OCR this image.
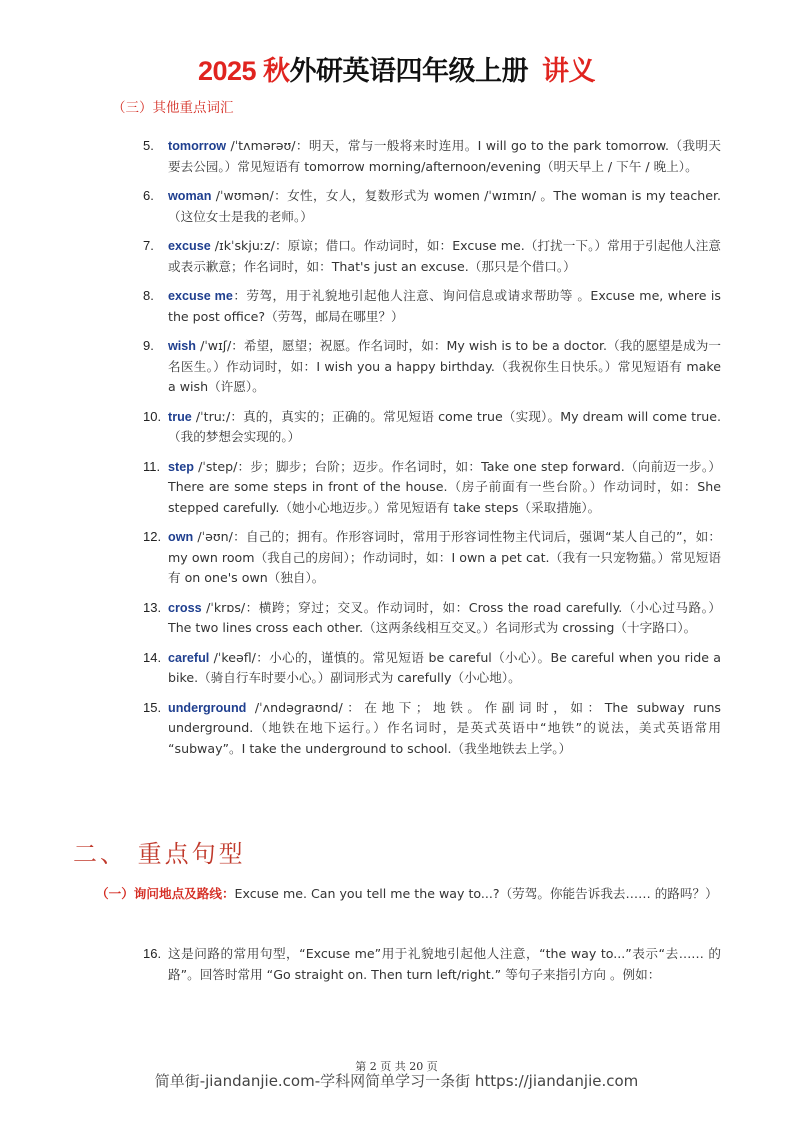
2025 秋外研英语四年级上册 讲义
（三）其他重点词汇
5.	tomorrow /ˈtʌmərəʊ/：明天，常与一般将来时连用。I will go to the park tomorrow.（我明天要去公园。）常见短语有 tomorrow morning/afternoon/evening（明天早上 / 下午 / 晚上）。
6.	woman /ˈwʊmən/：女性，女人，复数形式为 women /ˈwɪmɪn/ 。The woman is my teacher.（这位女士是我的老师。）
7.	excuse /ɪkˈskjuːz/：原谅；借口。作动词时，如：Excuse me.（打扰一下。）常用于引起他人注意或表示歉意；作名词时，如：That's just an excuse.（那只是个借口。）
8.	excuse me：劳驾，用于礼貌地引起他人注意、询问信息或请求帮助等 。Excuse me, where is the post office?（劳驾，邮局在哪里？）
9.	wish /ˈwɪʃ/：希望，愿望；祝愿。作名词时，如：My wish is to be a doctor.（我的愿望是成为一名医生。）作动词时，如：I wish you a happy birthday.（我祝你生日快乐。）常见短语有 make a wish（许愿）。
10. true /ˈtruː/：真的，真实的；正确的。常见短语 come true（实现）。My dream will come true.（我的梦想会实现的。）
11. step /ˈstep/：步；脚步；台阶；迈步。作名词时，如：Take one step forward.（向前迈一步。）There are some steps in front of the house.（房子前面有一些台阶。）作动词时，如：She stepped carefully.（她小心地迈步。）常见短语有 take steps（采取措施）。
12. own /ˈəʊn/：自己的；拥有。作形容词时，常用于形容词性物主代词后，强调“某人自己的”，如：my own room（我自己的房间）；作动词时，如：I own a pet cat.（我有一只宠物猫。）常见短语有 on one's own（独自）。
13. cross /ˈkrɒs/：横跨；穿过；交叉。作动词时，如：Cross the road carefully.（小心过马路。）The two lines cross each other.（这两条线相互交叉。）名词形式为 crossing（十字路口）。
14. careful /ˈkeəfl/：小心的，谨慎的。常见短语 be careful（小心）。Be careful when you ride a bike.（骑自行车时要小心。）副词形式为 carefully（小心地）。
15. underground /ˈʌndəgraʊnd/：在地下；地铁。作副词时，如：The subway runs underground.（地铁在地下运行。）作名词时，是英式英语中“地铁”的说法，美式英语常用 “subway”。I take the underground to school.（我坐地铁去上学。）
二、 重点句型
（一）询问地点及路线：Excuse me. Can you tell me the way to...?（劳驾。你能告诉我去…… 的路吗？）
16. 这是问路的常用句型，“Excuse me”用于礼貌地引起他人注意，“the way to...”表示“去…… 的路”。回答时常用 “Go straight on. Then turn left/right.” 等句子来指引方向 。例如：
第 2 页 共 20 页
简单街-jiandanjie.com-学科网简单学习一条街 https://jiandanjie.com
